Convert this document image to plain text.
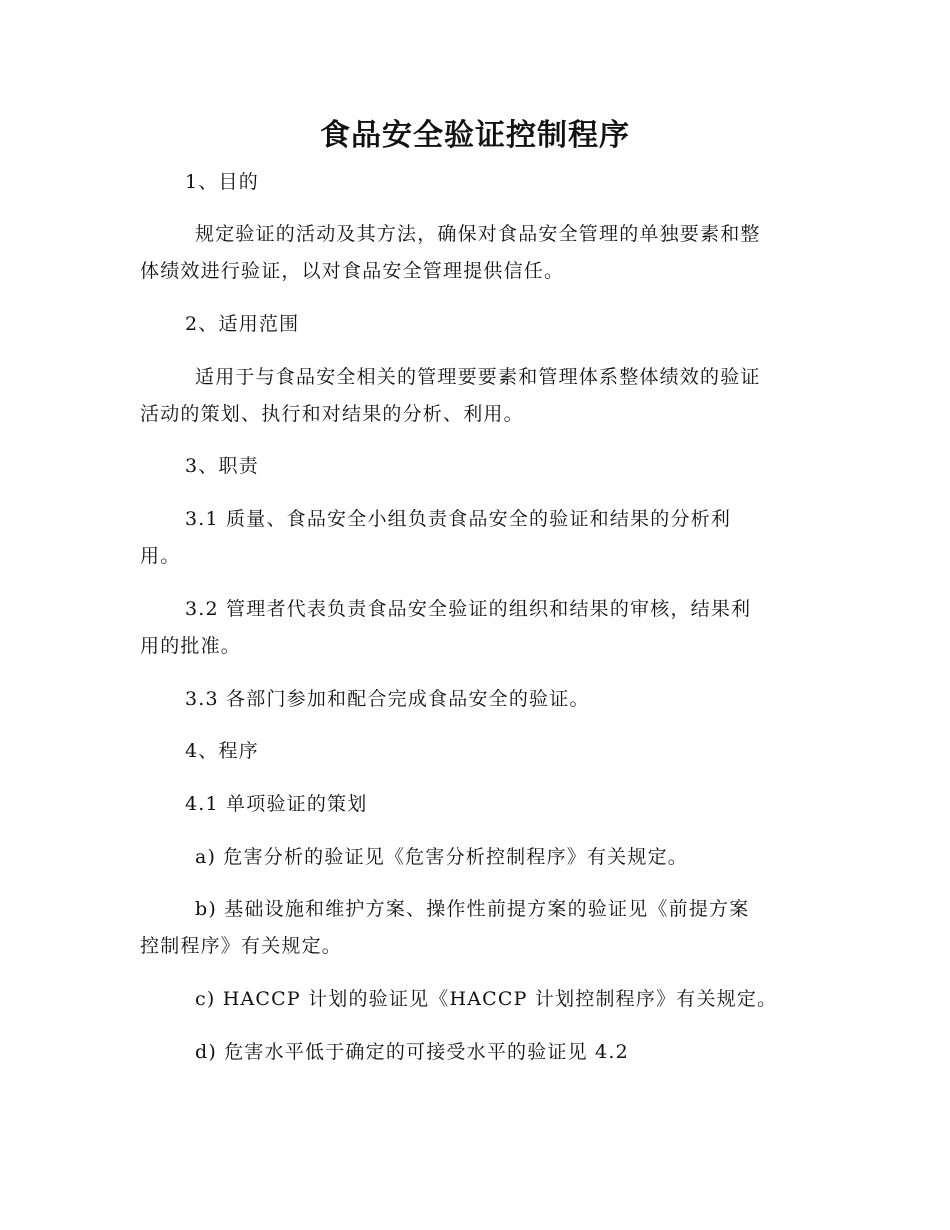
食品安全验证控制程序
1、目的
规定验证的活动及其方法，确保对食品安全管理的单独要素和整
体绩效进行验证，以对食品安全管理提供信任。
2、适用范围
适用于与食品安全相关的管理要要素和管理体系整体绩效的验证
活动的策划、执行和对结果的分析、利用。
3、职责
3.1 质量、食品安全小组负责食品安全的验证和结果的分析利
用。
3.2 管理者代表负责食品安全验证的组织和结果的审核，结果利
用的批准。
3.3 各部门参加和配合完成食品安全的验证。
4、程序
4.1 单项验证的策划
a) 危害分析的验证见《危害分析控制程序》有关规定。
b) 基础设施和维护方案、操作性前提方案的验证见《前提方案
控制程序》有关规定。
c) HACCP 计划的验证见《HACCP 计划控制程序》有关规定。
d) 危害水平低于确定的可接受水平的验证见 4.2
